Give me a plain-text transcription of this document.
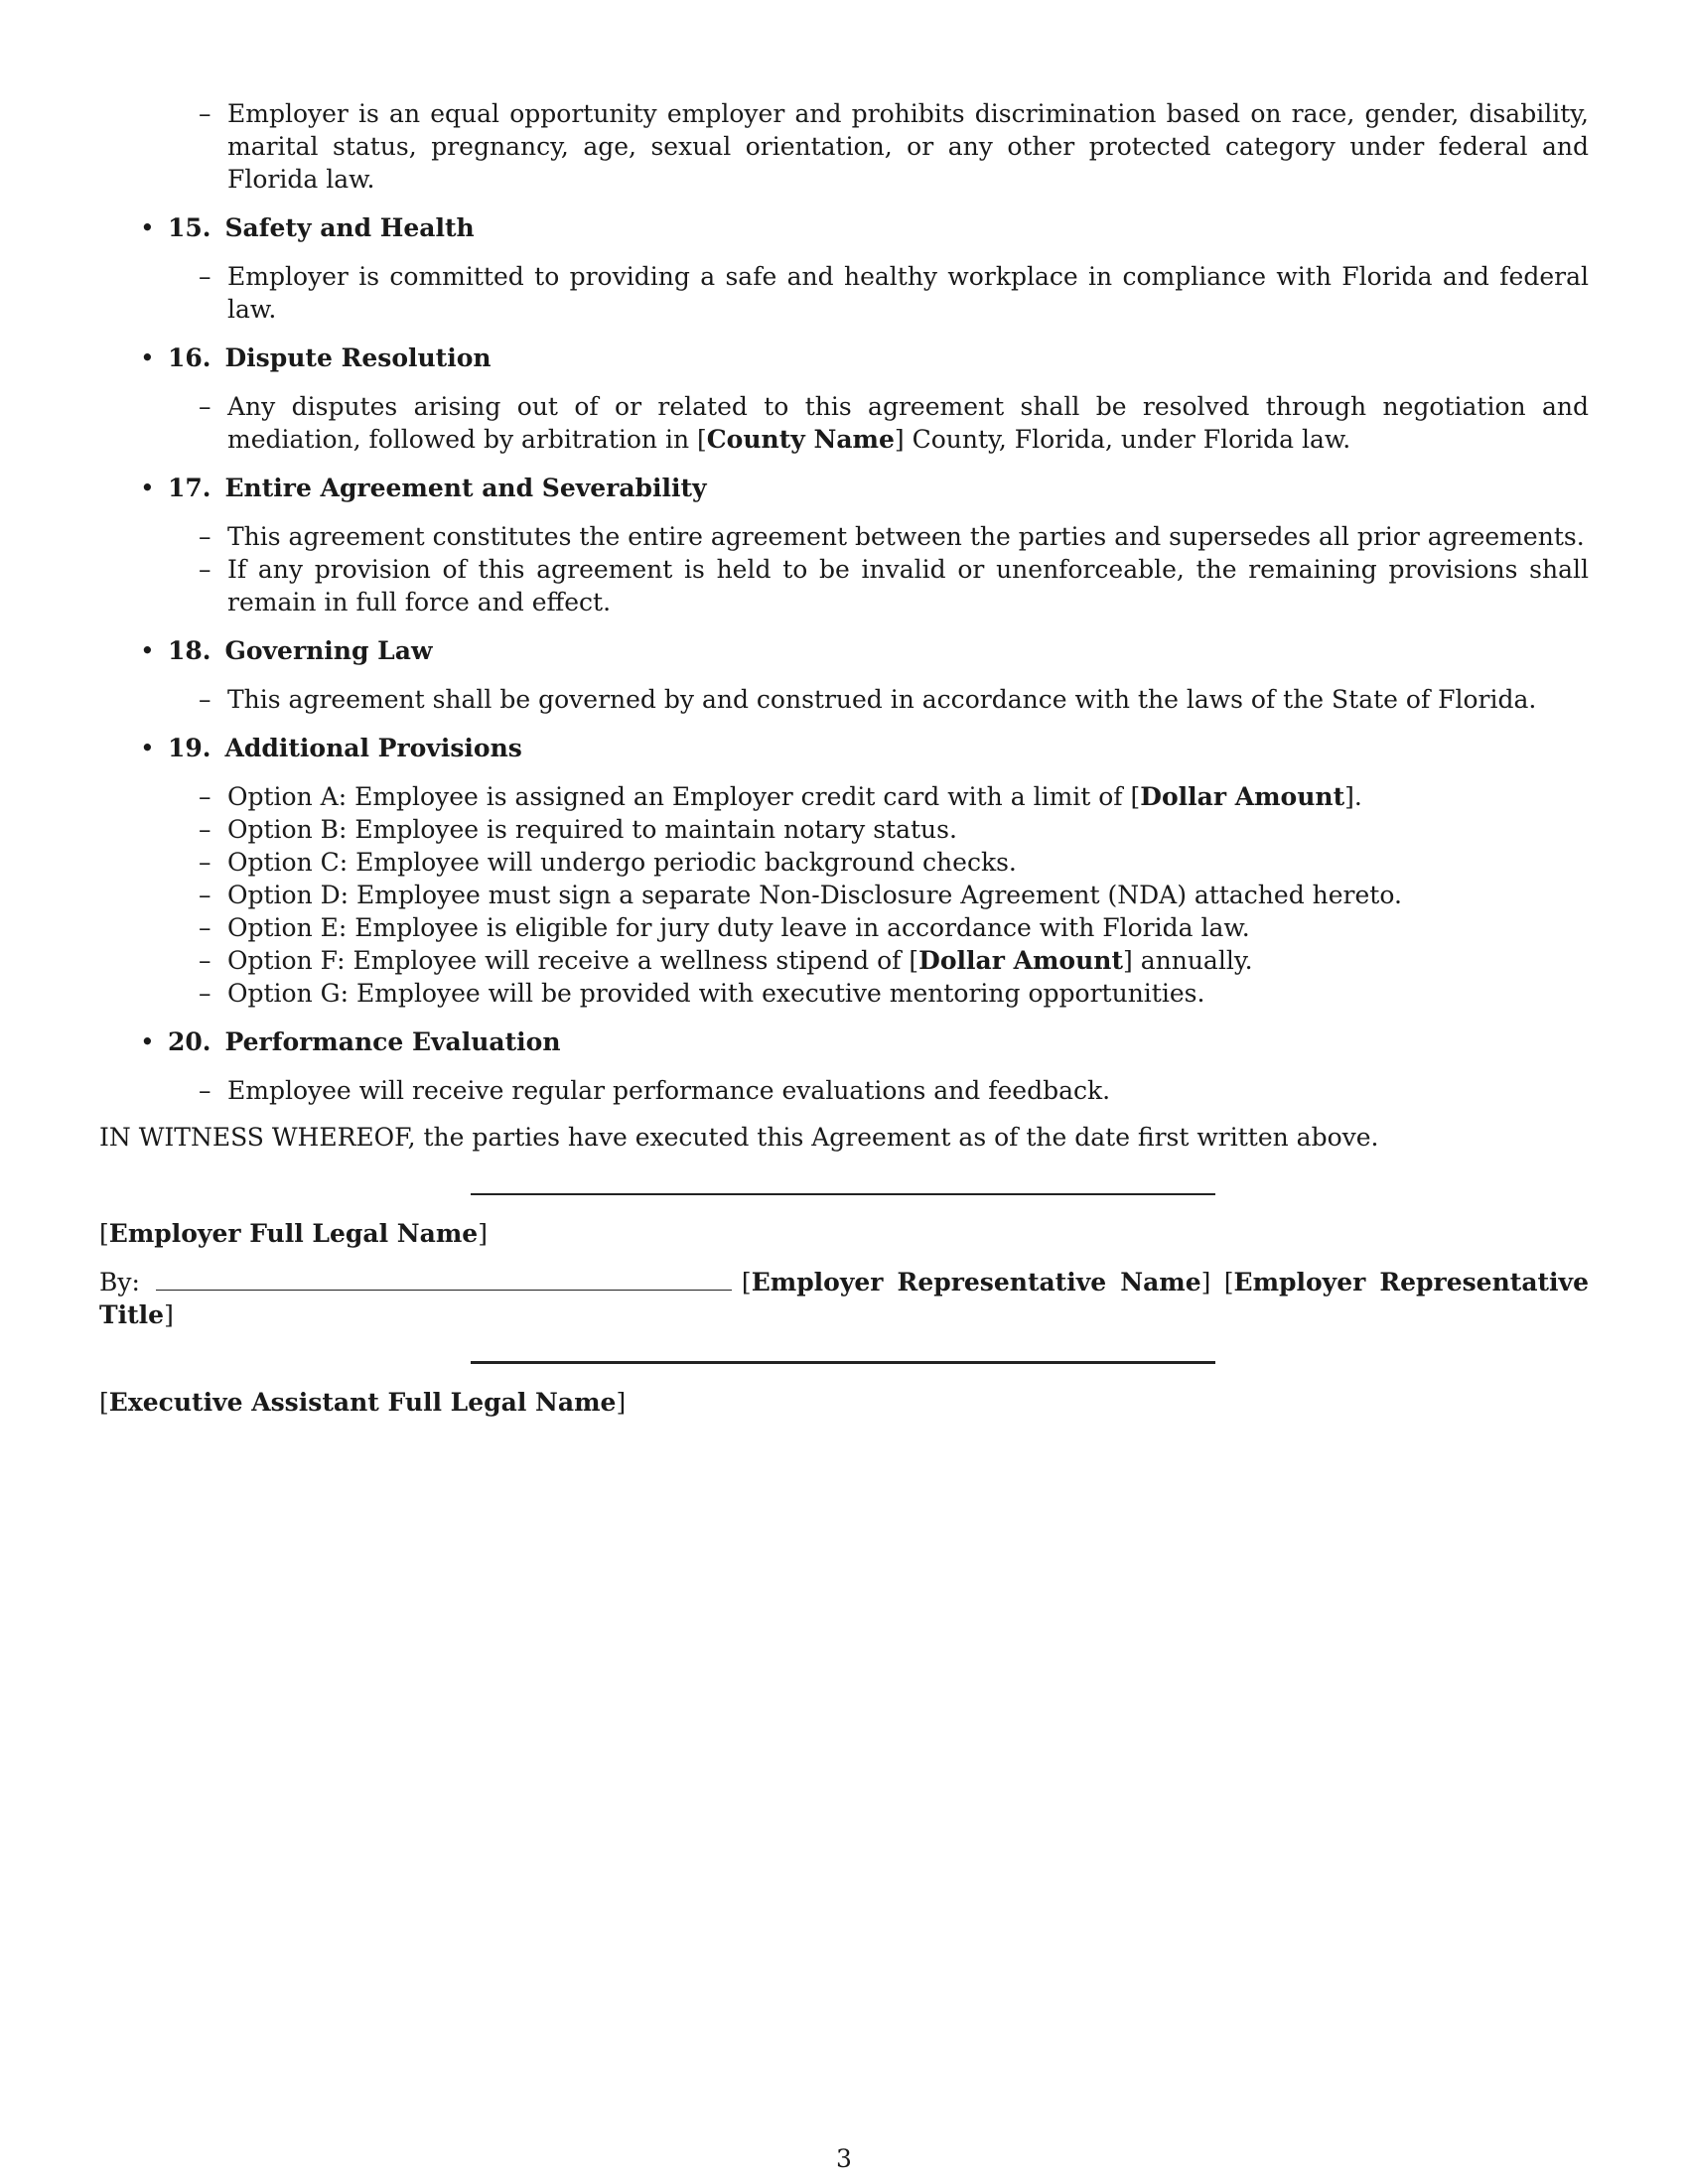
– Employer is an equal opportunity employer and prohibits discrimination based on race, gender, disability, marital status, pregnancy, age, sexual orientation, or any other protected category under federal and Florida law.
• 15. Safety and Health
– Employer is committed to providing a safe and healthy workplace in compliance with Florida and federal law.
• 16. Dispute Resolution
– Any disputes arising out of or related to this agreement shall be resolved through negotiation and mediation, followed by arbitration in [County Name] County, Florida, under Florida law.
• 17. Entire Agreement and Severability
– This agreement constitutes the entire agreement between the parties and supersedes all prior agreements.
– If any provision of this agreement is held to be invalid or unenforceable, the remaining provisions shall remain in full force and effect.
• 18. Governing Law
– This agreement shall be governed by and construed in accordance with the laws of the State of Florida.
• 19. Additional Provisions
– Option A: Employee is assigned an Employer credit card with a limit of [Dollar Amount].
– Option B: Employee is required to maintain notary status.
– Option C: Employee will undergo periodic background checks.
– Option D: Employee must sign a separate Non-Disclosure Agreement (NDA) attached hereto.
– Option E: Employee is eligible for jury duty leave in accordance with Florida law.
– Option F: Employee will receive a wellness stipend of [Dollar Amount] annually.
– Option G: Employee will be provided with executive mentoring opportunities.
• 20. Performance Evaluation
– Employee will receive regular performance evaluations and feedback.
IN WITNESS WHEREOF, the parties have executed this Agreement as of the date first written above.
[Employer Full Legal Name]
By:	[Employer Representative Name] [Employer Representative Title]
[Executive Assistant Full Legal Name]
3
